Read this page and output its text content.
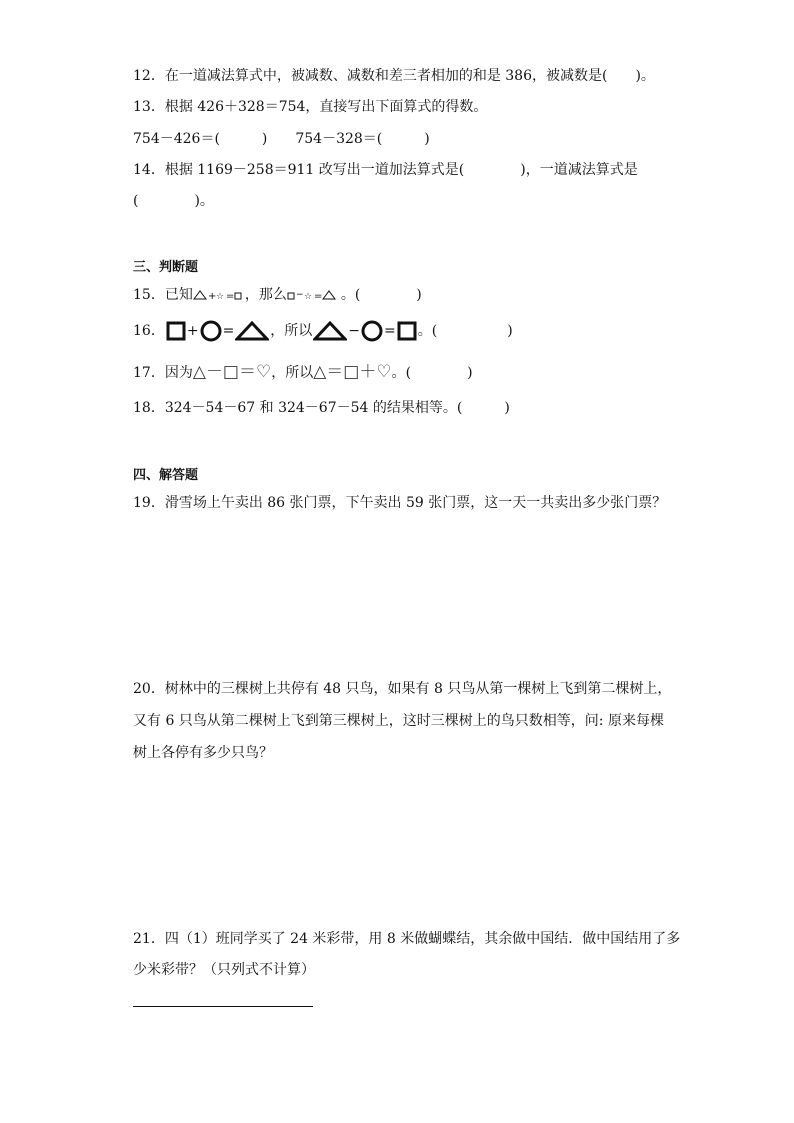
12．在一道减法算式中，被减数、减数和差三者相加的和是 386，被减数是(　　)。
13．根据 426＋328＝754，直接写出下面算式的得数。
754－426＝(　　　)　　754－328＝(　　　)
14．根据 1169－258＝911 改写出一道加法算式是(　　　　)，一道减法算式是
(　　　　)。
三、判断题
15．已知 + ☆ = ，那么 − ☆ = 。(　　　　)
16． + =	，所以	− = 。(　　　　　)
17．因为△－□＝♡，所以△＝□＋♡。(　　　　)
18．324－54－67 和 324－67－54 的结果相等。(　　　)
四、解答题
19．滑雪场上午卖出 86 张门票，下午卖出 59 张门票，这一天一共卖出多少张门票？
20．树林中的三棵树上共停有 48 只鸟，如果有 8 只鸟从第一棵树上飞到第二棵树上，
又有 6 只鸟从第二棵树上飞到第三棵树上，这时三棵树上的鸟只数相等，问: 原来每棵
树上各停有多少只鸟？
21．四（1）班同学买了 24 米彩带，用 8 米做蝴蝶结，其余做中国结．做中国结用了多
少米彩带？（只列式不计算）
